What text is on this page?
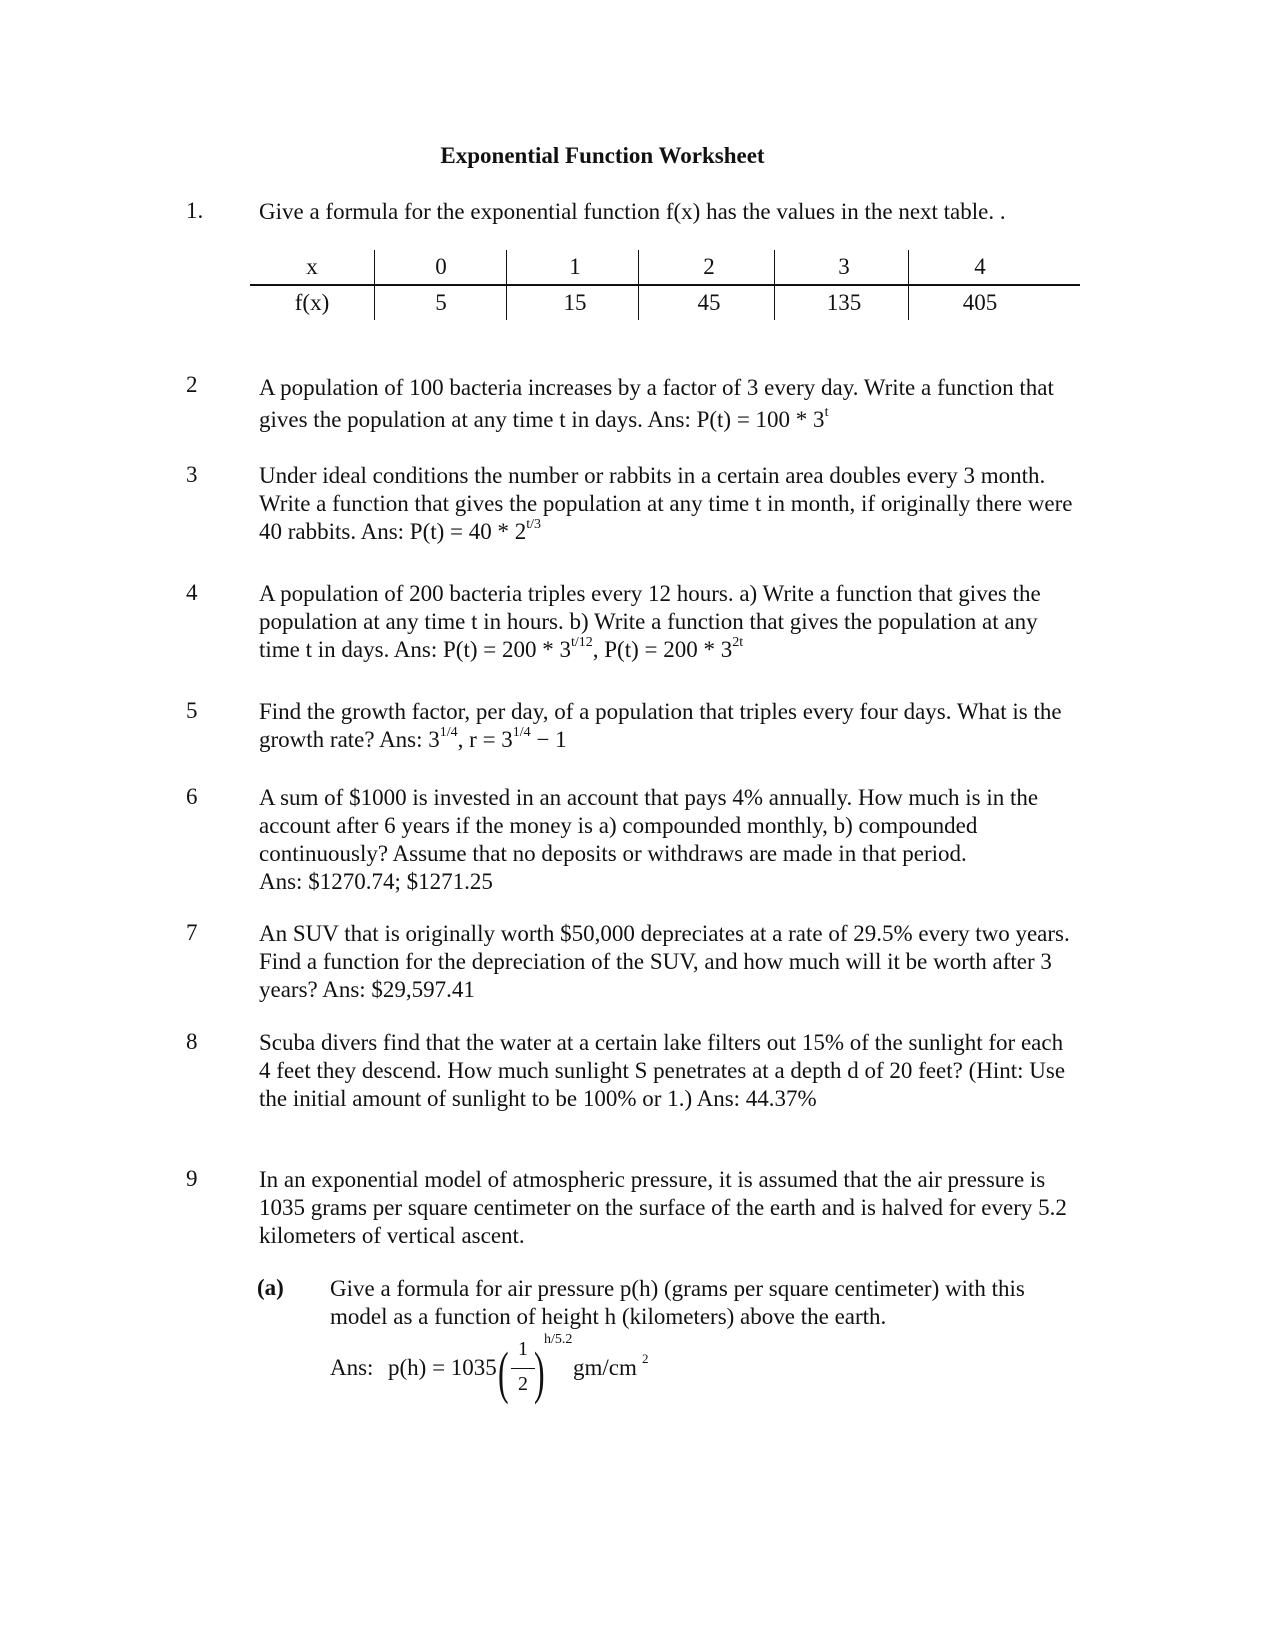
Exponential Function Worksheet
1.	Give a formula for the exponential function f(x) has the values in the next table. .
x	0	1	2	3	4
f(x)	5	15	45	135	405
2	A population of 100 bacteria increases by a factor of 3 every day. Write a function that gives the population at any time t in days. Ans: P(t) = 100 * 3$^t$
3	Under ideal conditions the number or rabbits in a certain area doubles every 3 month. Write a function that gives the population at any time t in month, if originally there were 40 rabbits. Ans: $P(t) = 40 * 2^{t/3}$
4	A population of 200 bacteria triples every 12 hours. a) Write a function that gives the population at any time t in hours. b) Write a function that gives the population at any time t in days. Ans: $P(t) = 200 * 3^{t/12}$, $P(t) = 200 * 3^{2t}$
5	Find the growth factor, per day, of a population that triples every four days. What is the growth rate? Ans: $3^{1/4}$, $r = 3^{1/4} - 1$
6	A sum of $1000 is invested in an account that pays 4% annually. How much is in the account after 6 years if the money is a) compounded monthly, b) compounded continuously? Assume that no deposits or withdraws are made in that period.
Ans: $1270.74; $1271.25
7	An SUV that is originally worth $50,000 depreciates at a rate of 29.5% every two years. Find a function for the depreciation of the SUV, and how much will it be worth after 3 years? Ans: $29,597.41
8	Scuba divers find that the water at a certain lake filters out 15% of the sunlight for each 4 feet they descend. How much sunlight S penetrates at a depth d of 20 feet? (Hint: Use the initial amount of sunlight to be 100% or 1.) Ans: 44.37%
9	In an exponential model of atmospheric pressure, it is assumed that the air pressure is 1035 grams per square centimeter on the surface of the earth and is halved for every 5.2 kilometers of vertical ascent.
(a) Give a formula for air pressure p(h) (grams per square centimeter) with this model as a function of height h (kilometers) above the earth.
Ans: p(h) = 1035 ( 1
2 )
h/5.2
gm/cm 2
